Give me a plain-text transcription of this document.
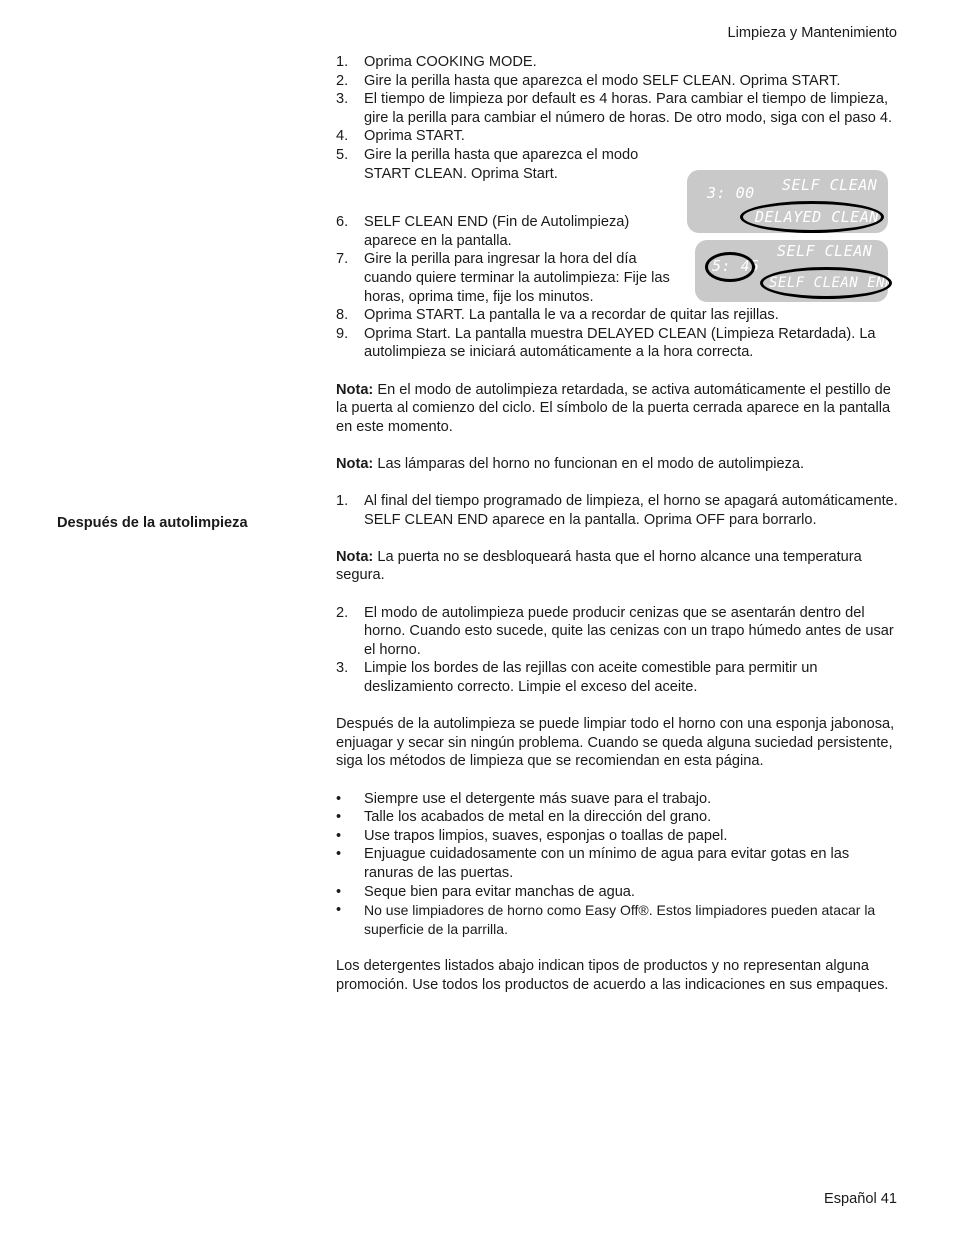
Limpieza y Mantenimiento
Después de la autolimpieza
3: 00 SELF CLEAN
DELAYED CLEAN
5: 45
SELF CLEAN
SELF CLEAN END
1.	Oprima COOKING MODE.
2.	Gire la perilla hasta que aparezca el modo SELF CLEAN. Oprima START.
3.	El tiempo de limpieza por default es 4 horas. Para cambiar el tiempo de limpieza, gire la perilla para cambiar el número de horas. De otro modo, siga con el paso 4.
4.	Oprima START.
5.	Gire la perilla hasta que aparezca el modo START CLEAN. Oprima Start.
6.	SELF CLEAN END (Fin de Autolimpieza) aparece en la pantalla.
7.	Gire la perilla para ingresar la hora del día cuando quiere terminar la autolimpieza: Fije las horas, oprima time, fije los minutos.
8.	Oprima START. La pantalla le va a recordar de quitar las rejillas.
9.	Oprima Start. La pantalla muestra DELAYED CLEAN (Limpieza Retardada). La autolimpieza se iniciará automáticamente a la hora correcta.

Nota: En el modo de autolimpieza retardada, se activa automáticamente el pestillo de la puerta al comienzo del ciclo. El símbolo de la puerta cerrada aparece en la pantalla en este momento.

Nota: Las lámparas del horno no funcionan en el modo de autolimpieza.

1.	Al final del tiempo programado de limpieza, el horno se apagará automáticamente. SELF CLEAN END aparece en la pantalla. Oprima OFF para borrarlo.

Nota: La puerta no se desbloqueará hasta que el horno alcance una temperatura segura.

2.	El modo de autolimpieza puede producir cenizas que se asentarán dentro del horno. Cuando esto sucede, quite las cenizas con un trapo húmedo antes de usar el horno.
3.	Limpie los bordes de las rejillas con aceite comestible para permitir un deslizamiento correcto. Limpie el exceso del aceite.

Después de la autolimpieza se puede limpiar todo el horno con una esponja jabonosa, enjuagar y secar sin ningún problema. Cuando se queda alguna suciedad persistente, siga los métodos de limpieza que se recomiendan en esta página.

•	Siempre use el detergente más suave para el trabajo.
•	Talle los acabados de metal en la dirección del grano.
•	Use trapos limpios, suaves, esponjas o toallas de papel.
•	Enjuague cuidadosamente con un mínimo de agua para evitar gotas en las ranuras de las puertas.
•	Seque bien para evitar manchas de agua.
•	No use limpiadores de horno como Easy Off®. Estos limpiadores pueden atacar la superficie de la parrilla.

Los detergentes listados abajo indican tipos de productos y no representan alguna promoción. Use todos los productos de acuerdo a las indicaciones en sus empaques.

Español 41
